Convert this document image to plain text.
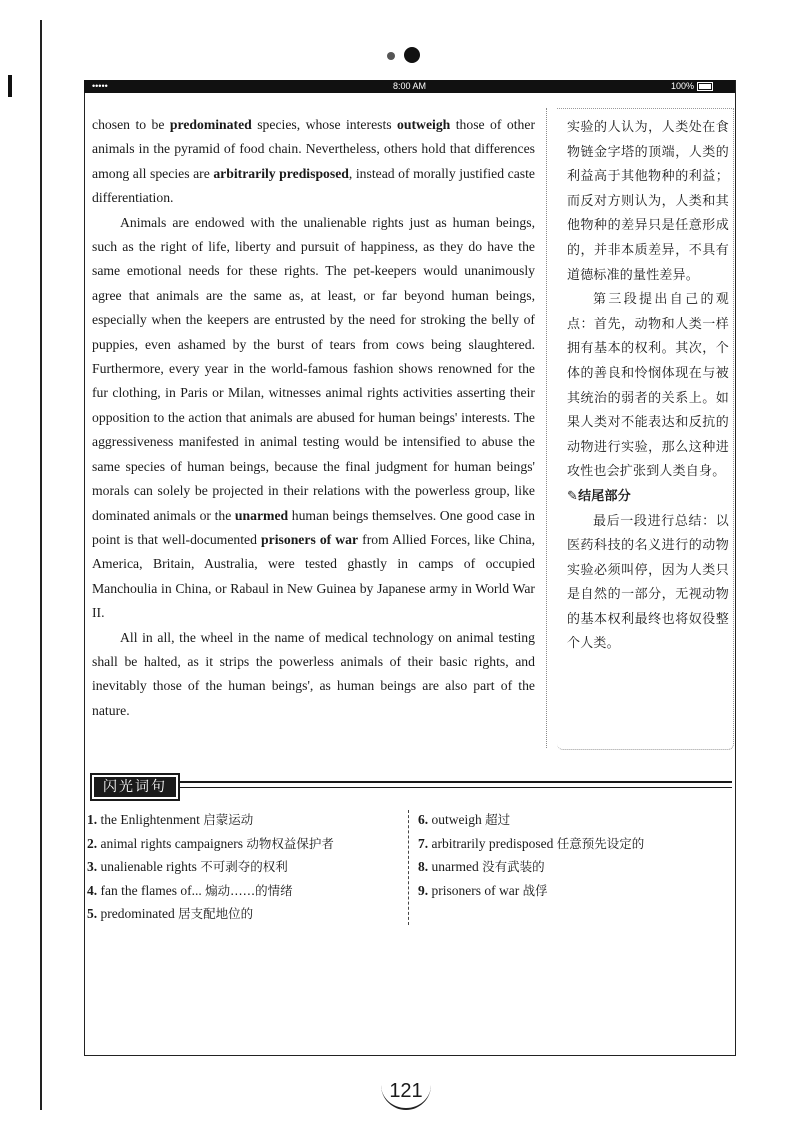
•••••	8:00 AM	100%

chosen to be predominated species, whose interests outweigh those of other animals in the pyramid of food chain. Nevertheless, others hold that differences among all species are arbitrarily predisposed, instead of morally justified caste differentiation.

Animals are endowed with the unalienable rights just as human beings, such as the right of life, liberty and pursuit of happiness, as they do have the same emotional needs for these rights. The pet-keepers would unanimously agree that animals are the same as, at least, or far beyond human beings, especially when the keepers are entrusted by the need for stroking the belly of puppies, even ashamed by the burst of tears from cows being slaughtered. Furthermore, every year in the world-famous fashion shows renowned for the fur clothing, in Paris or Milan, witnesses animal rights activities asserting their opposition to the action that animals are abused for human beings' interests. The aggressiveness manifested in animal testing would be intensified to abuse the same species of human beings, because the final judgment for human beings' morals can solely be projected in their relations with the powerless group, like dominated animals or the unarmed human beings themselves. One good case in point is that well-documented prisoners of war from Allied Forces, like China, America, Britain, Australia, were tested ghastly in camps of occupied Manchoulia in China, or Rabaul in New Guinea by Japanese army in World War II.

All in all, the wheel in the name of medical technology on animal testing shall be halted, as it strips the powerless animals of their basic rights, and inevitably those of the human beings', as human beings are also part of the nature.

实验的人认为，人类处在食物链金字塔的顶端，人类的利益高于其他物种的利益；而反对方则认为，人类和其他物种的差异只是任意形成的，并非本质差异，不具有道德标准的量性差异。

第三段提出自己的观点：首先，动物和人类一样拥有基本的权利。其次，个体的善良和怜悯体现在与被其统治的弱者的关系上。如果人类对不能表达和反抗的动物进行实验，那么这种进攻性也会扩张到人类自身。

✎结尾部分

最后一段进行总结：以医药科技的名义进行的动物实验必须叫停，因为人类只是自然的一部分，无视动物的基本权利最终也将奴役整个人类。

闪光词句
1. the Enlightenment 启蒙运动
2. animal rights campaigners 动物权益保护者
3. unalienable rights 不可剥夺的权利
4. fan the flames of... 煽动……的情绪
5. predominated 居支配地位的
6. outweigh 超过
7. arbitrarily predisposed 任意预先设定的
8. unarmed 没有武装的
9. prisoners of war 战俘
121
